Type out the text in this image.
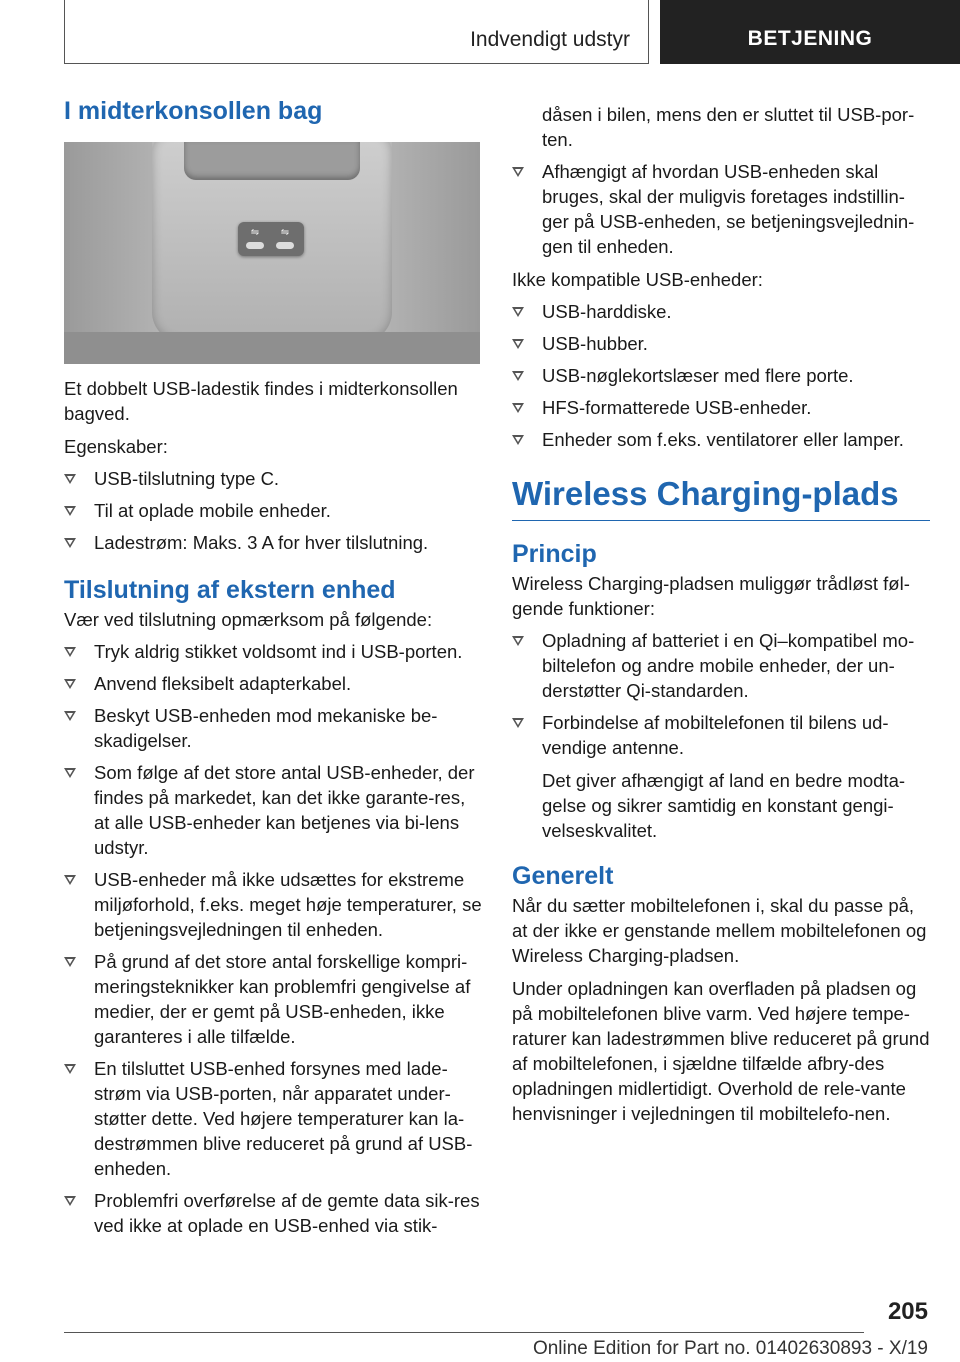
Indvendigt udstyr	BETJENING
I midterkonsollen bag
⇋	⇋

Et dobbelt USB-ladestik findes i midterkonsollen bagved.

Egenskaber:

USB-tilslutning type C.
Til at oplade mobile enheder.
Ladestrøm: Maks. 3 A for hver tilslutning.
Tilslutning af ekstern enhed

Vær ved tilslutning opmærksom på følgende:

Tryk aldrig stikket voldsomt ind i USB-porten.
Anvend fleksibelt adapterkabel.
Beskyt USB-enheden mod mekaniske be-skadigelser.
Som følge af det store antal USB-enheder, der findes på markedet, kan det ikke garante-res, at alle USB-enheder kan betjenes via bi-lens udstyr.
USB-enheder må ikke udsættes for ekstreme miljøforhold, f.eks. meget høje temperaturer, se betjeningsvejledningen til enheden.
På grund af det store antal forskellige kompri-meringsteknikker kan problemfri gengivelse af medier, der er gemt på USB-enheden, ikke garanteres i alle tilfælde.
En tilsluttet USB-enhed forsynes med lade-strøm via USB-porten, når apparatet under-støtter dette. Ved højere temperaturer kan la-destrømmen blive reduceret på grund af USB-enheden.
Problemfri overførelse af de gemte data sik-res ved ikke at oplade en USB-enhed via stik-
dåsen i bilen, mens den er sluttet til USB-por-ten.
Afhængigt af hvordan USB-enheden skal bruges, skal der muligvis foretages indstillin-ger på USB-enheden, se betjeningsvejlednin-gen til enheden.

Ikke kompatible USB-enheder:

USB-harddiske.
USB-hubber.
USB-nøglekortslæser med flere porte.
HFS-formatterede USB-enheder.
Enheder som f.eks. ventilatorer eller lamper.
Wireless Charging-plads
Princip

Wireless Charging-pladsen muliggør trådløst føl-gende funktioner:

Opladning af batteriet i en Qi–kompatibel mo-biltelefon og andre mobile enheder, der un-derstøtter Qi-standarden.
Forbindelse af mobiltelefonen til bilens ud-vendige antenne.
Det giver afhængigt af land en bedre modta-gelse og sikrer samtidig en konstant gengi-velseskvalitet.
Generelt

Når du sætter mobiltelefonen i, skal du passe på, at der ikke er genstande mellem mobiltelefonen og Wireless Charging-pladsen.

Under opladningen kan overfladen på pladsen og på mobiltelefonen blive varm. Ved højere tempe-raturer kan ladestrømmen blive reduceret på grund af mobiltelefonen, i sjældne tilfælde afbry-des opladningen midlertidigt. Overhold de rele-vante henvisninger i vejledningen til mobiltelefo-nen.

205
Online Edition for Part no. 01402630893 - X/19
